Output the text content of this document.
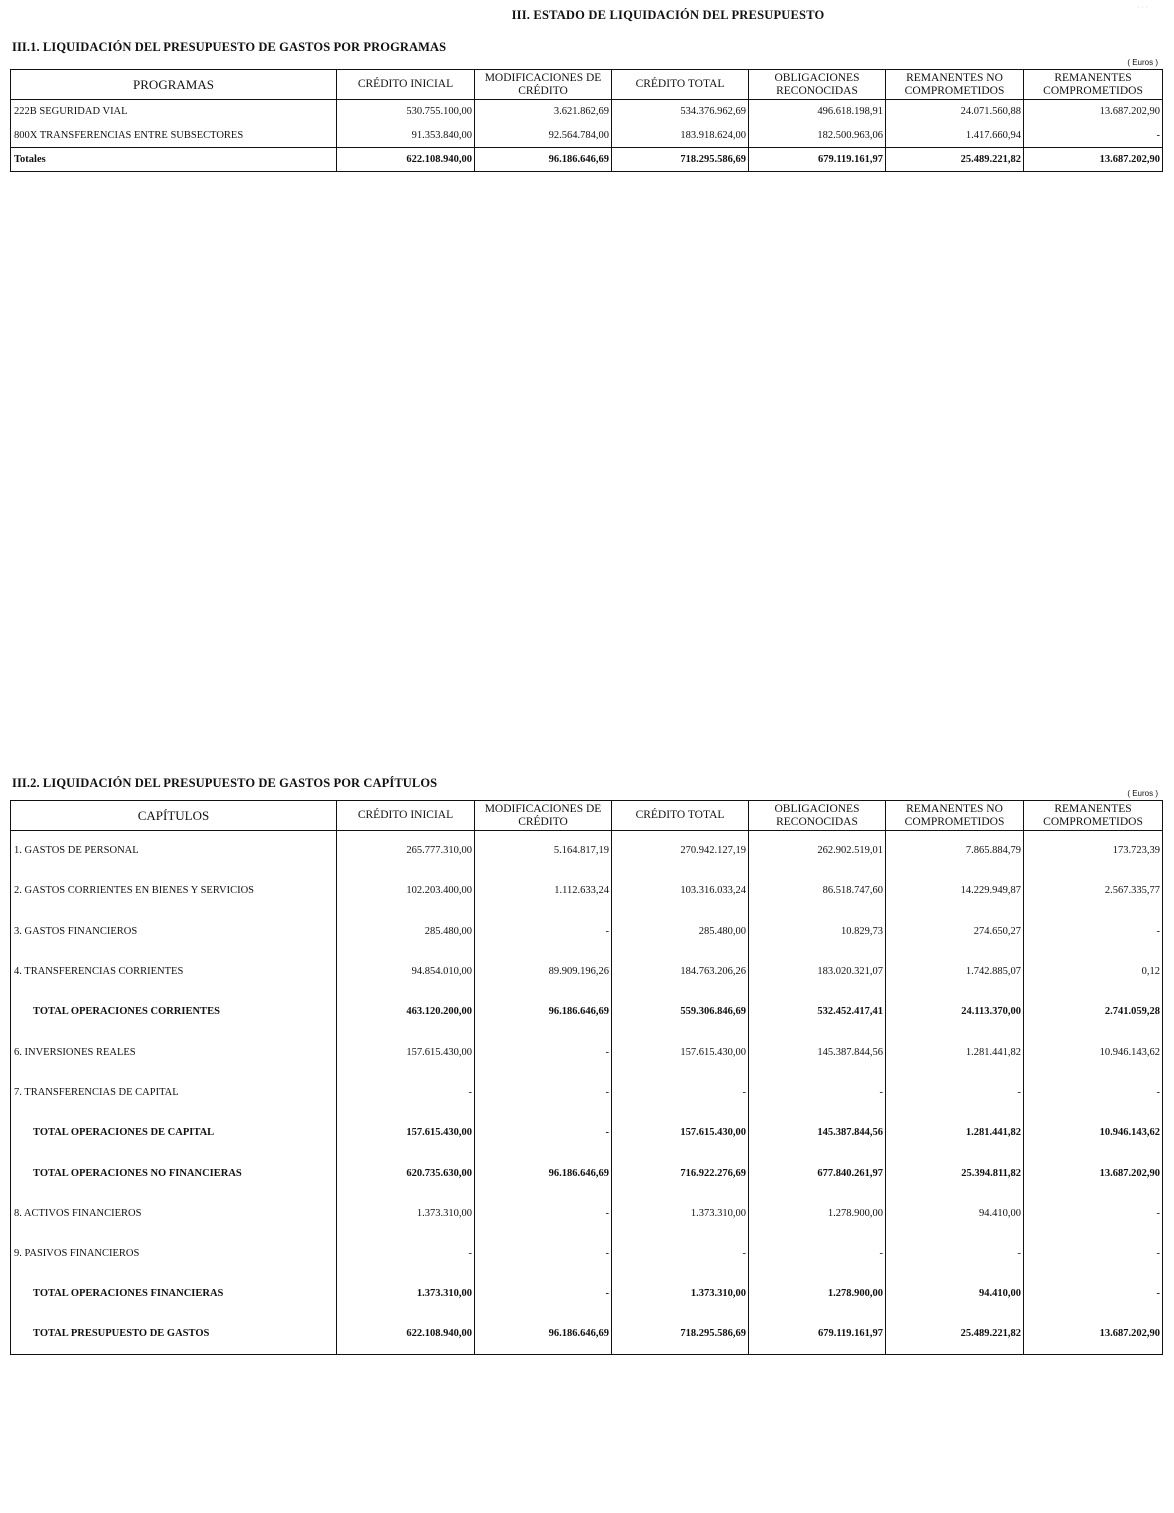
· · ·
III. ESTADO DE LIQUIDACIÓN DEL PRESUPUESTO
III.1. LIQUIDACIÓN DEL PRESUPUESTO DE GASTOS POR PROGRAMAS
( Euros )
PROGRAMAS	CRÉDITO INICIAL	MODIFICACIONES DE CRÉDITO	CRÉDITO TOTAL	OBLIGACIONES RECONOCIDAS	REMANENTES NO COMPROMETIDOS	REMANENTES COMPROMETIDOS
222B SEGURIDAD VIAL	530.755.100,00	3.621.862,69	534.376.962,69	496.618.198,91	24.071.560,88	13.687.202,90
800X TRANSFERENCIAS ENTRE SUBSECTORES	91.353.840,00	92.564.784,00	183.918.624,00	182.500.963,06	1.417.660,94	-
Totales	622.108.940,00	96.186.646,69	718.295.586,69	679.119.161,97	25.489.221,82	13.687.202,90
III.2. LIQUIDACIÓN DEL PRESUPUESTO DE GASTOS POR CAPÍTULOS
( Euros )
CAPÍTULOS	CRÉDITO INICIAL	MODIFICACIONES DE CRÉDITO	CRÉDITO TOTAL	OBLIGACIONES RECONOCIDAS	REMANENTES NO COMPROMETIDOS	REMANENTES COMPROMETIDOS
1. GASTOS DE PERSONAL	265.777.310,00	5.164.817,19	270.942.127,19	262.902.519,01	7.865.884,79	173.723,39
2. GASTOS CORRIENTES EN BIENES Y SERVICIOS	102.203.400,00	1.112.633,24	103.316.033,24	86.518.747,60	14.229.949,87	2.567.335,77
3. GASTOS FINANCIEROS	285.480,00	-	285.480,00	10.829,73	274.650,27	-
4. TRANSFERENCIAS CORRIENTES	94.854.010,00	89.909.196,26	184.763.206,26	183.020.321,07	1.742.885,07	0,12
TOTAL OPERACIONES CORRIENTES	463.120.200,00	96.186.646,69	559.306.846,69	532.452.417,41	24.113.370,00	2.741.059,28
6. INVERSIONES REALES	157.615.430,00	-	157.615.430,00	145.387.844,56	1.281.441,82	10.946.143,62
7. TRANSFERENCIAS DE CAPITAL	-	-	-	-	-	-
TOTAL OPERACIONES DE CAPITAL	157.615.430,00	-	157.615.430,00	145.387.844,56	1.281.441,82	10.946.143,62
TOTAL OPERACIONES NO FINANCIERAS	620.735.630,00	96.186.646,69	716.922.276,69	677.840.261,97	25.394.811,82	13.687.202,90
8. ACTIVOS FINANCIEROS	1.373.310,00	-	1.373.310,00	1.278.900,00	94.410,00	-
9. PASIVOS FINANCIEROS	-	-	-	-	-	-
TOTAL OPERACIONES FINANCIERAS	1.373.310,00	-	1.373.310,00	1.278.900,00	94.410,00	-
TOTAL PRESUPUESTO DE GASTOS	622.108.940,00	96.186.646,69	718.295.586,69	679.119.161,97	25.489.221,82	13.687.202,90
